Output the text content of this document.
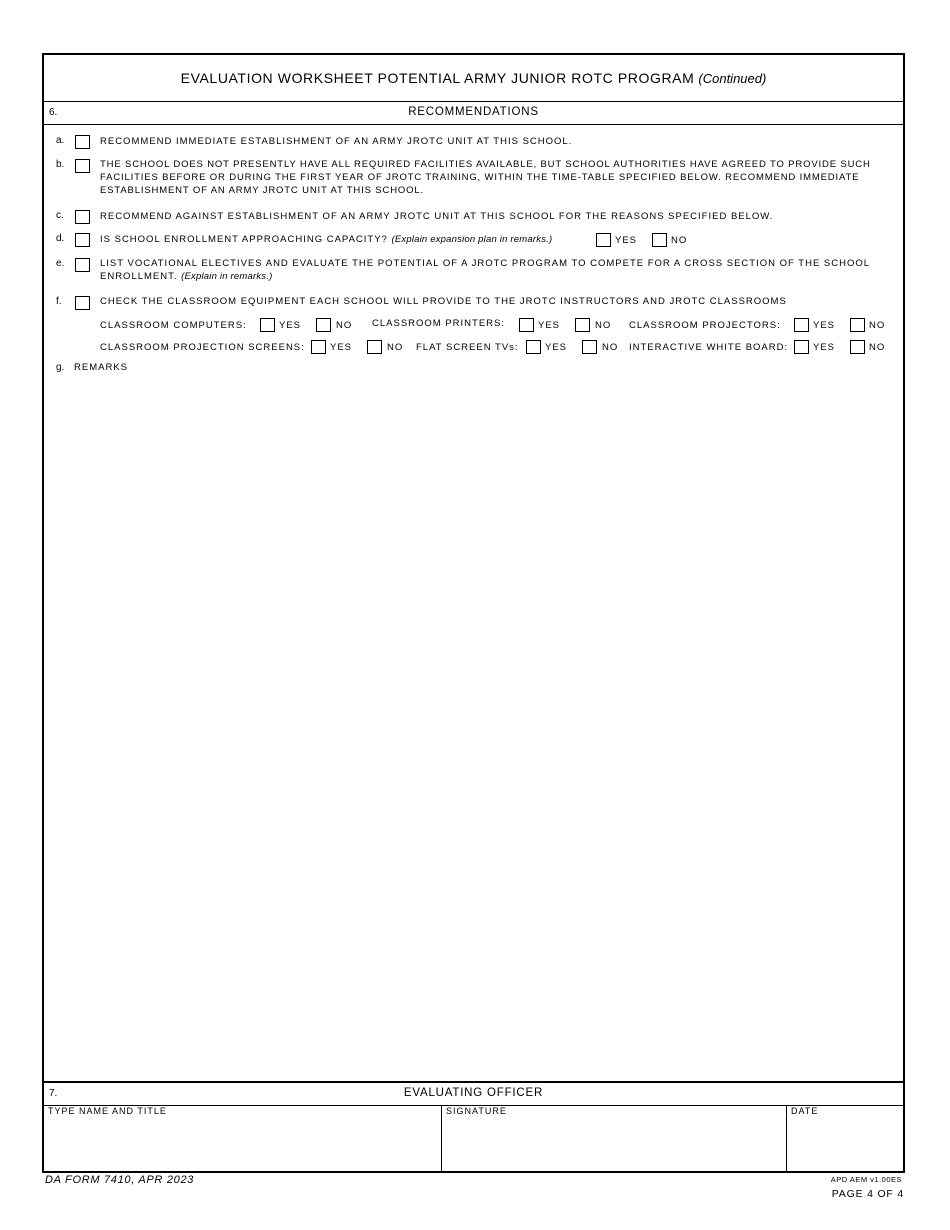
EVALUATION WORKSHEET POTENTIAL ARMY JUNIOR ROTC PROGRAM (Continued)
6.	RECOMMENDATIONS
a.	RECOMMEND IMMEDIATE ESTABLISHMENT OF AN ARMY JROTC UNIT AT THIS SCHOOL.
b.	THE SCHOOL DOES NOT PRESENTLY HAVE ALL REQUIRED FACILITIES AVAILABLE, BUT SCHOOL AUTHORITIES HAVE AGREED TO PROVIDE SUCH FACILITIES BEFORE OR DURING THE FIRST YEAR OF JROTC TRAINING, WITHIN THE TIME-TABLE SPECIFIED BELOW. RECOMMEND IMMEDIATE ESTABLISHMENT OF AN ARMY JROTC UNIT AT THIS SCHOOL.
c.	RECOMMEND AGAINST ESTABLISHMENT OF AN ARMY JROTC UNIT AT THIS SCHOOL FOR THE REASONS SPECIFIED BELOW.
d.	IS SCHOOL ENROLLMENT APPROACHING CAPACITY? (Explain expansion plan in remarks.)	YES	NO
e.	LIST VOCATIONAL ELECTIVES AND EVALUATE THE POTENTIAL OF A JROTC PROGRAM TO COMPETE FOR A CROSS SECTION OF THE SCHOOL ENROLLMENT. (Explain in remarks.)
f.	CHECK THE CLASSROOM EQUIPMENT EACH SCHOOL WILL PROVIDE TO THE JROTC INSTRUCTORS AND JROTC CLASSROOMS
CLASSROOM COMPUTERS:	YES	NO CLASSROOM PRINTERS:	YES	NO CLASSROOM PROJECTORS:	YES	NO
CLASSROOM PROJECTION SCREENS:	YES	NO FLAT SCREEN TVs:	YES	NO INTERACTIVE WHITE BOARD:	YES	NO
g. REMARKS
7.	EVALUATING OFFICER
TYPE NAME AND TITLE	SIGNATURE	DATE
DA FORM 7410, APR 2023	APD AEM v1.00ES
PAGE 4 OF 4
